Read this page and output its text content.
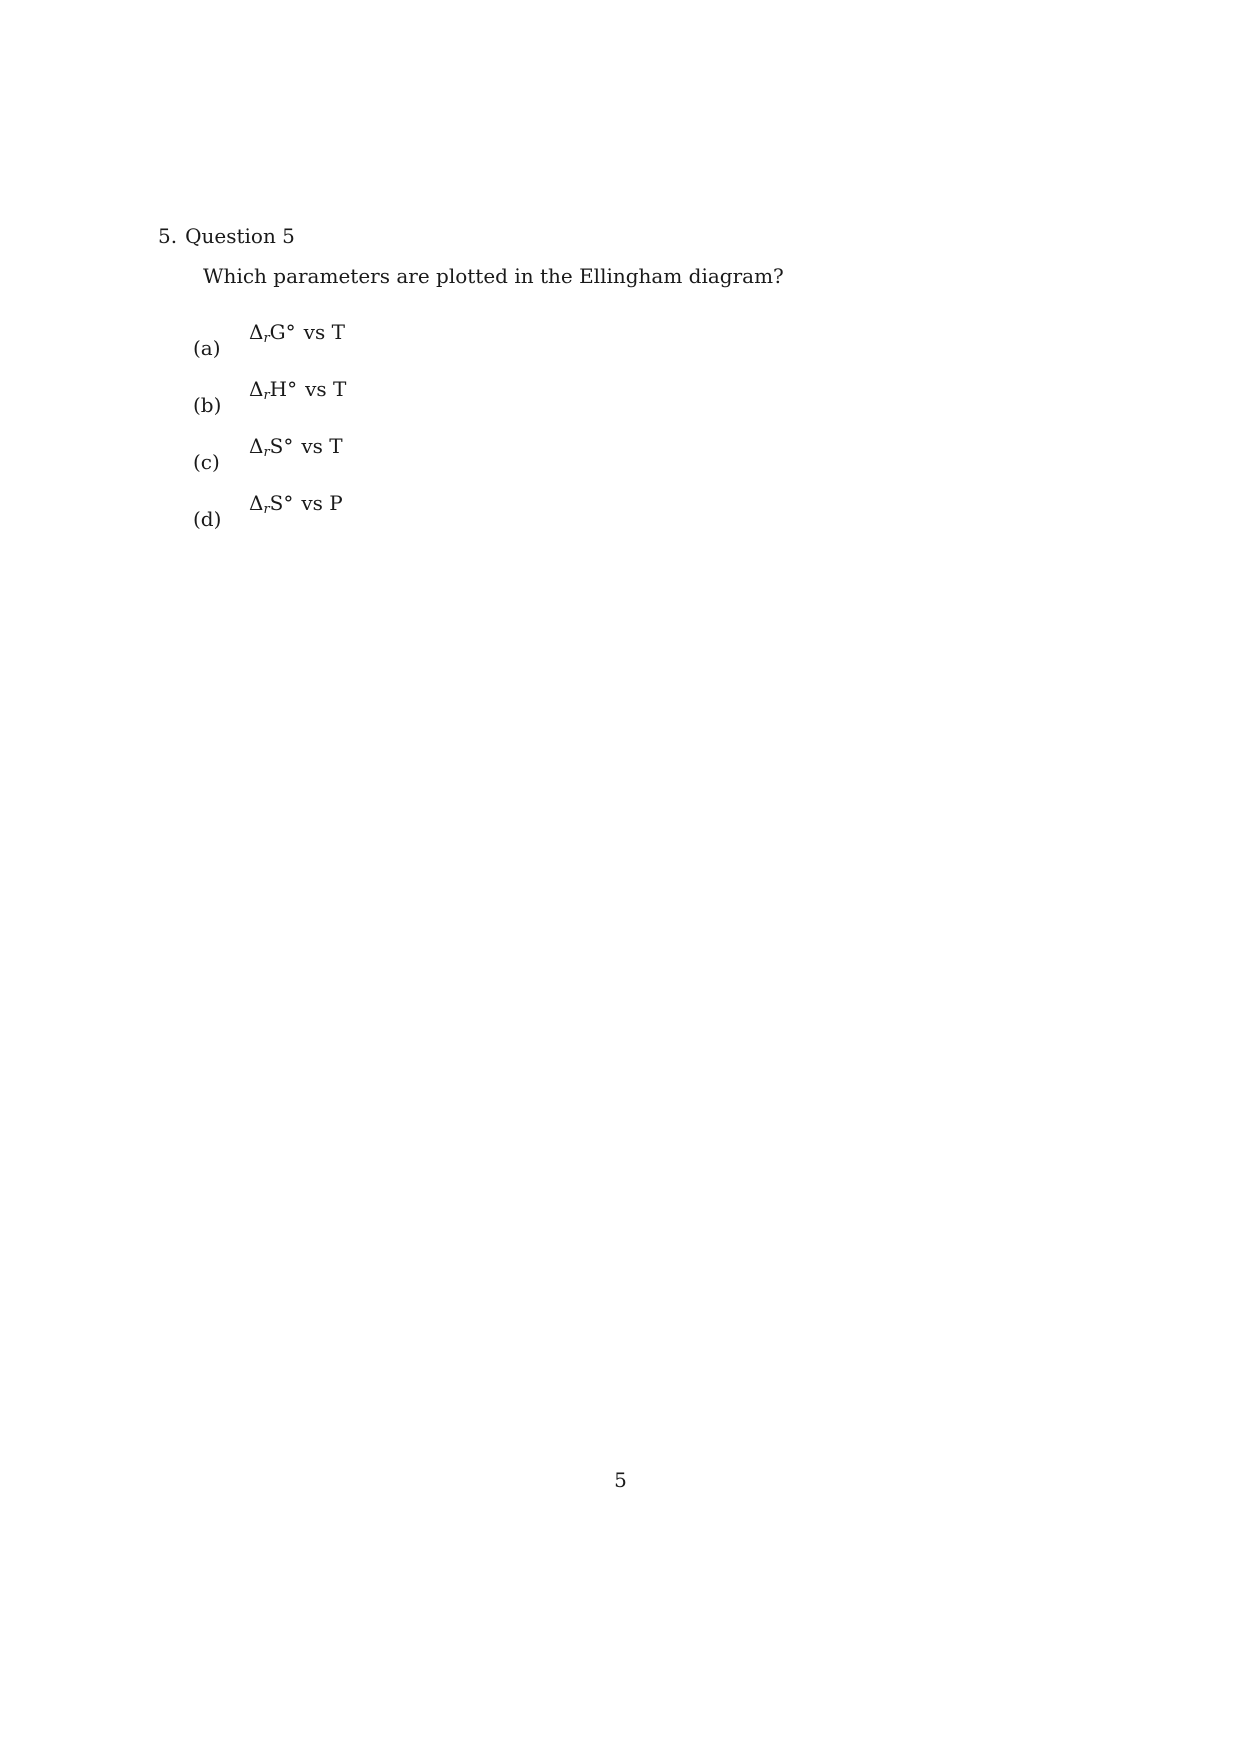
5. Question 5
Which parameters are plotted in the Ellingham diagram?
(a)
$\Delta_rG^\circ$ vs T
(b)
$\Delta_rH^\circ$ vs T
(c)
$\Delta_rS^\circ$ vs T
(d)
$\Delta_rS^\circ$ vs P
5
